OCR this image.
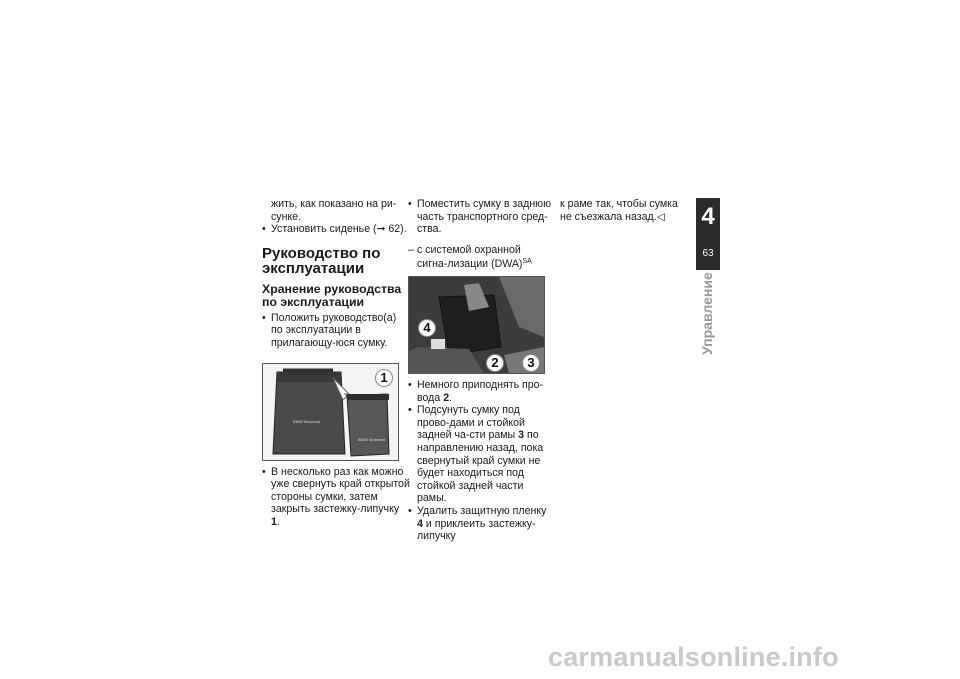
жить, как показано на ри-сунке.

• Установить сиденье (➞ 62).

Руководство по эксплуатации
Хранение руководства по эксплуатации

• Положить руководство(а) по эксплуатации в прилагающу-юся сумку.

1
BMW Motorrad
BMW Motorrad

• В несколько раз как можно уже свернуть край открытой стороны сумки, затем закрыть застежку-липучку 1.

• Поместить сумку в заднюю часть транспортного сред-ства.

– с системой охранной сигна-лизации (DWA)$^{SA}$

4
2	3

• Немного приподнять про-вода 2.

• Подсунуть сумку под прово-дами и стойкой задней ча-сти рамы 3 по направлению назад, пока свернутый край сумки не будет находиться под стойкой задней части рамы.

• Удалить защитную пленку 4 и приклеить застежку-липучку

к раме так, чтобы сумка не съезжала назад.◁	4
63
Управление
carmanualsonline.info
